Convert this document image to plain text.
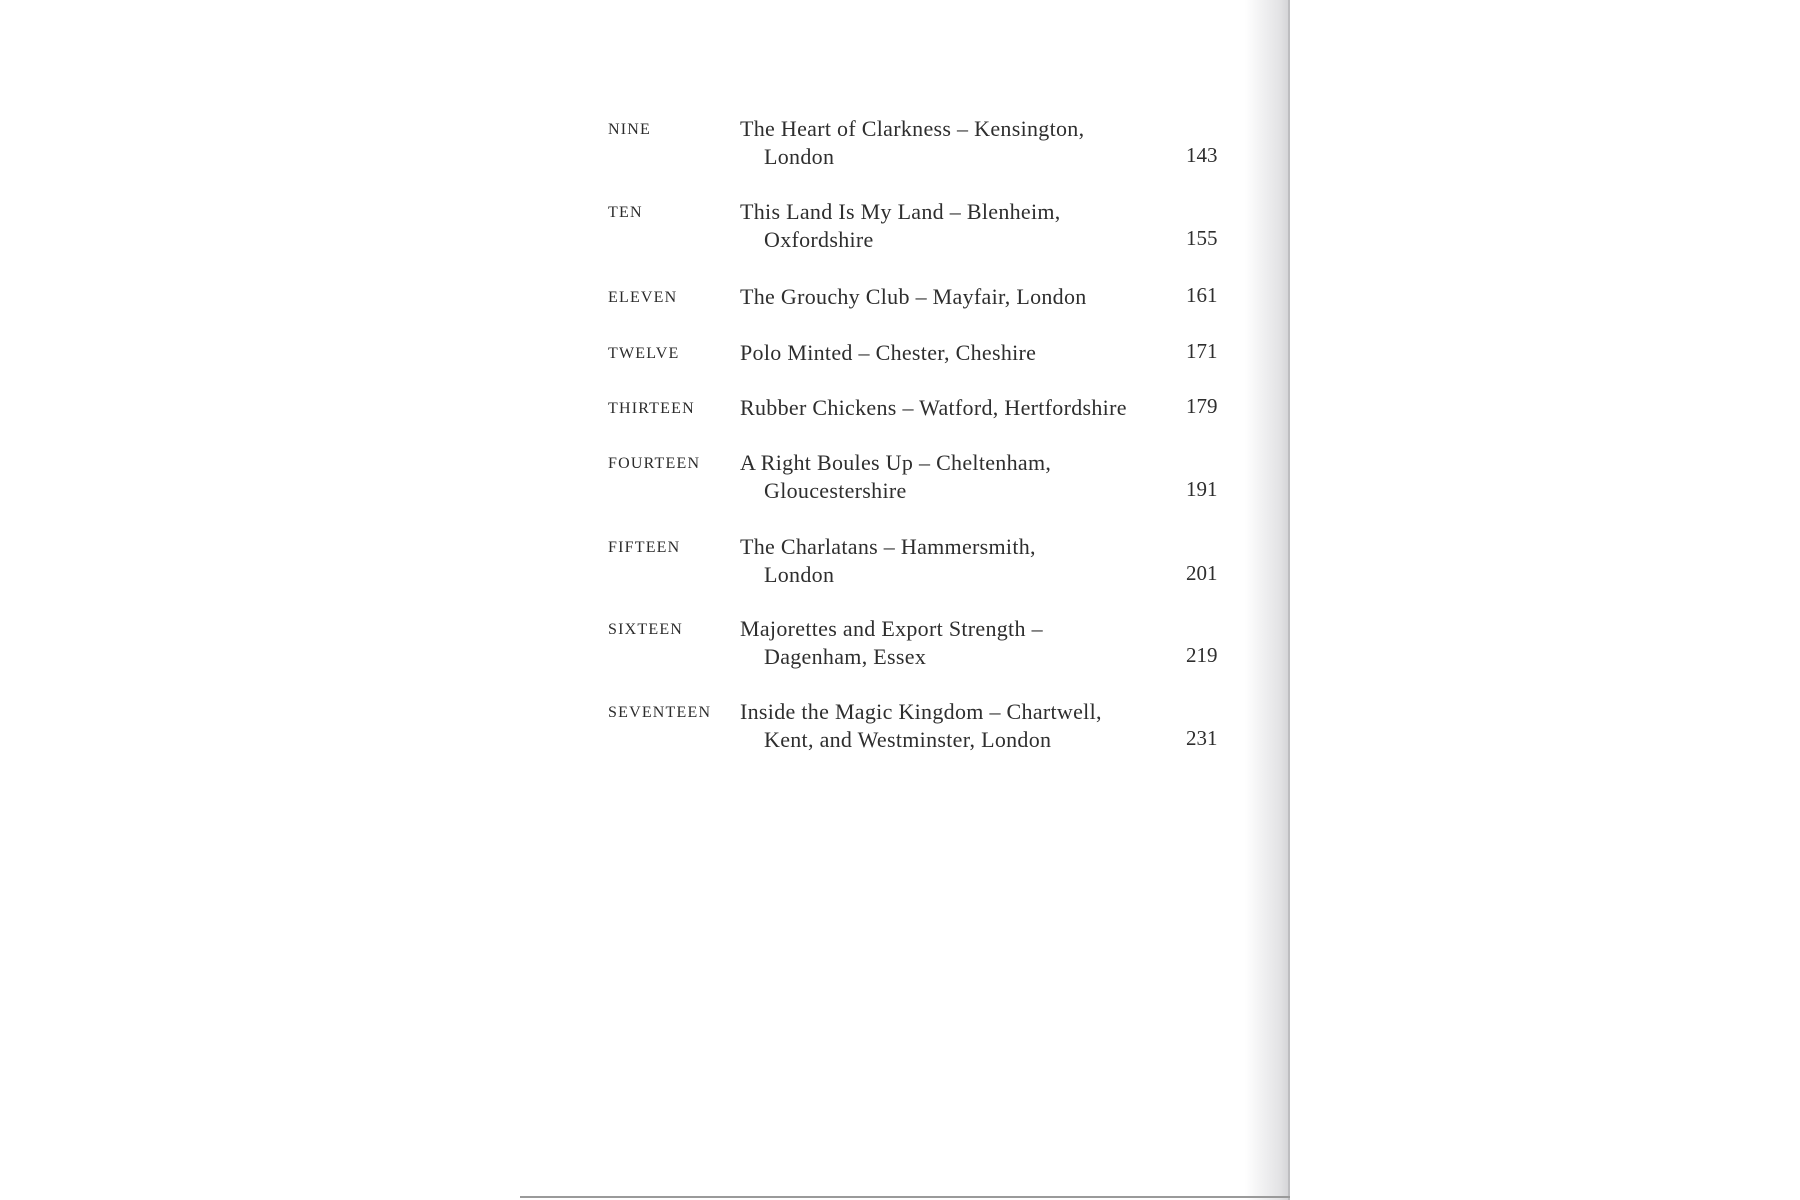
NINE	The Heart of Clarkness – Kensington,
London	143
TEN	This Land Is My Land – Blenheim,
Oxfordshire	155
ELEVEN	The Grouchy Club – Mayfair, London	161
TWELVE	Polo Minted – Chester, Cheshire	171
THIRTEEN Rubber Chickens – Watford, Hertfordshire	179
FOURTEEN A Right Boules Up – Cheltenham,
Gloucestershire	191
FIFTEEN	The Charlatans – Hammersmith,
London	201
SIXTEEN	Majorettes and Export Strength –
Dagenham, Essex	219
SEVENTEEN Inside the Magic Kingdom – Chartwell,
Kent, and Westminster, London	231
